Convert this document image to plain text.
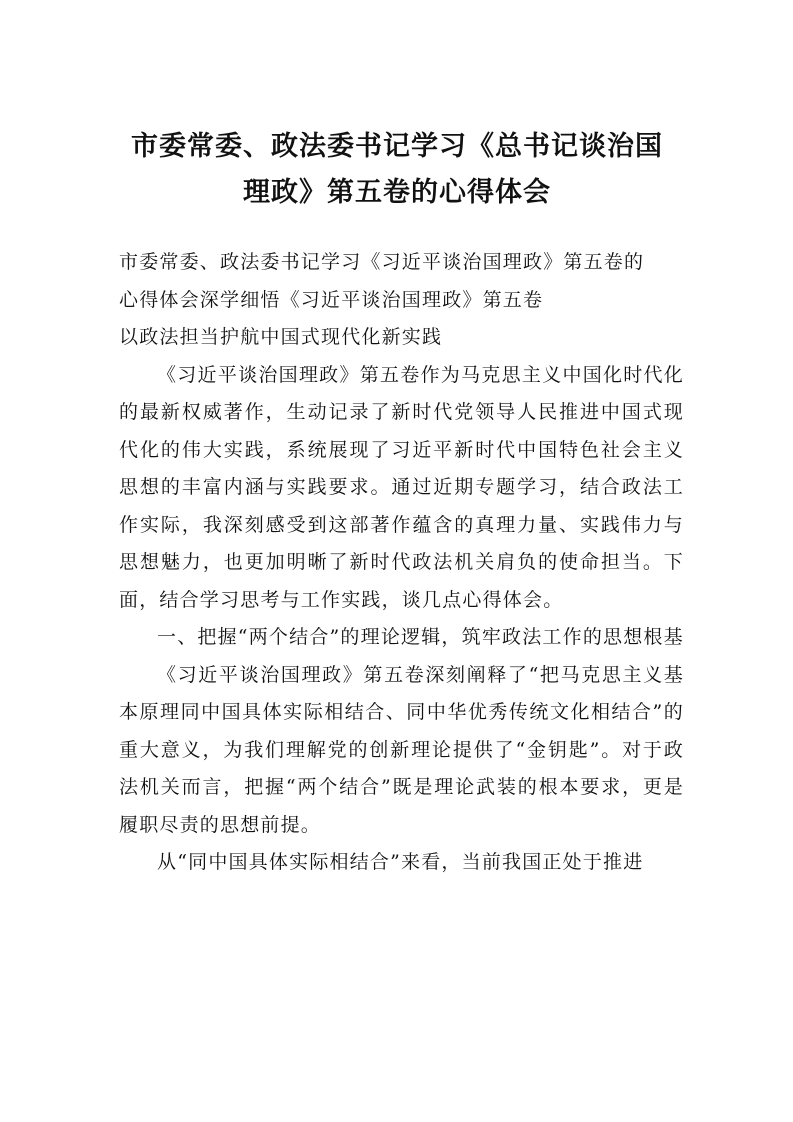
市委常委、政法委书记学习《总书记谈治国
理政》第五卷的心得体会

市委常委、政法委书记学习《习近平谈治国理政》第五卷的

心得体会深学细悟《习近平谈治国理政》第五卷

以政法担当护航中国式现代化新实践

《习近平谈治国理政》第五卷作为马克思主义中国化时代化的最新权威著作，生动记录了新时代党领导人民推进中国式现代化的伟大实践，系统展现了习近平新时代中国特色社会主义思想的丰富内涵与实践要求。通过近期专题学习，结合政法工作实际，我深刻感受到这部著作蕴含的真理力量、实践伟力与思想魅力，也更加明晰了新时代政法机关肩负的使命担当。下面，结合学习思考与工作实践，谈几点心得体会。

一、把握“两个结合”的理论逻辑，筑牢政法工作的思想根基

《习近平谈治国理政》第五卷深刻阐释了“把马克思主义基本原理同中国具体实际相结合、同中华优秀传统文化相结合”的重大意义，为我们理解党的创新理论提供了“金钥匙”。对于政法机关而言，把握“两个结合”既是理论武装的根本要求，更是履职尽责的思想前提。

从“同中国具体实际相结合”来看，当前我国正处于推进
